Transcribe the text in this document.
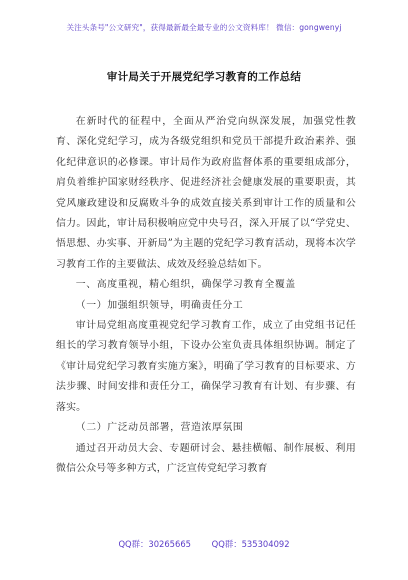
关注头条号"公文研究"，获得最新最全最专业的公文资料库！ 微信：gongwenyj
审计局关于开展党纪学习教育的工作总结

在新时代的征程中，全面从严治党向纵深发展，加强党性教育、深化党纪学习，成为各级党组织和党员干部提升政治素养、强化纪律意识的必修课。审计局作为政府监督体系的重要组成部分，肩负着维护国家财经秩序、促进经济社会健康发展的重要职责，其党风廉政建设和反腐败斗争的成效直接关系到审计工作的质量和公信力。因此，审计局积极响应党中央号召，深入开展了以“学党史、悟思想、办实事、开新局”为主题的党纪学习教育活动，现将本次学习教育工作的主要做法、成效及经验总结如下。

一、高度重视，精心组织，确保学习教育全覆盖

（一）加强组织领导，明确责任分工

审计局党组高度重视党纪学习教育工作，成立了由党组书记任组长的学习教育领导小组，下设办公室负责具体组织协调。制定了《审计局党纪学习教育实施方案》，明确了学习教育的目标要求、方法步骤、时间安排和责任分工，确保学习教育有计划、有步骤、有落实。

（二）广泛动员部署，营造浓厚氛围

通过召开动员大会、专题研讨会、悬挂横幅、制作展板、利用微信公众号等多种方式，广泛宣传党纪学习教育

QQ群：30265665 QQ群：535304092
